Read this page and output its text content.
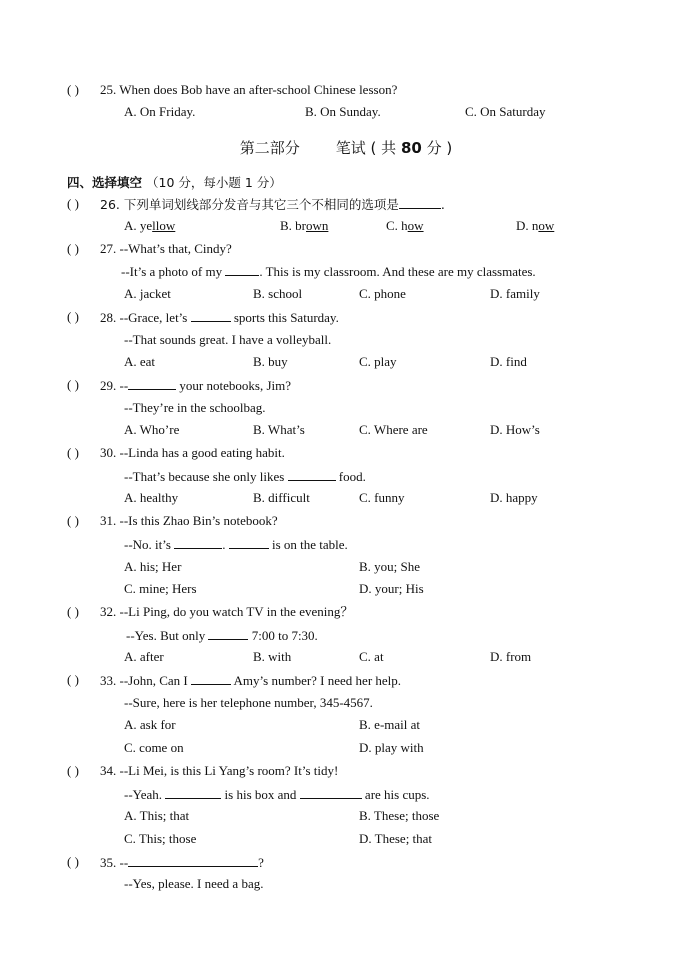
( ) 25. When does Bob have an after-school Chinese lesson?
A. On Friday.	B. On Sunday.	C. On Saturday
第二部分 笔试 ( 共 80 分 )
四、选择填空 （10 分，每小题 1 分）
( ) 26. 下列单词划线部分发音与其它三个不相同的选项是	.
A. yellow	B. brown	C. how	D. now
( ) 27. --What’s that, Cindy?
--It’s a photo of my	. This is my classroom. And these are my classmates.
A. jacket	B. school	C. phone	D. family
( ) 28. --Grace, let’s	sports this Saturday.
--That sounds great. I have a volleyball.
A. eat	B. buy	C. play	D. find
( ) 29. --	your notebooks, Jim?
--They’re in the schoolbag.
A. Who’re	B. What’s	C. Where are	D. How’s
( ) 30. --Linda has a good eating habit.
--That’s because she only likes	food.
A. healthy	B. difficult	C. funny	D. happy
( ) 31. --Is this Zhao Bin’s notebook?
--No. it’s	.	is on the table.
A. his; Her	B. you; She
C. mine; Hers	D. your; His
( ) 32. --Li Ping, do you watch TV in the evening？
--Yes. But only	7:00 to 7:30.
A. after	B. with	C. at	D. from
( ) 33. --John, Can I	Amy’s number? I need her help.
--Sure, here is her telephone number, 345-4567.
A. ask for	B. e-mail at
C. come on	D. play with
( ) 34. --Li Mei, is this Li Yang’s room? It’s tidy!
--Yeah.	is his box and	are his cups.
A. This; that	B. These; those
C. This; those	D. These; that
( ) 35. --	?
--Yes, please. I need a bag.
